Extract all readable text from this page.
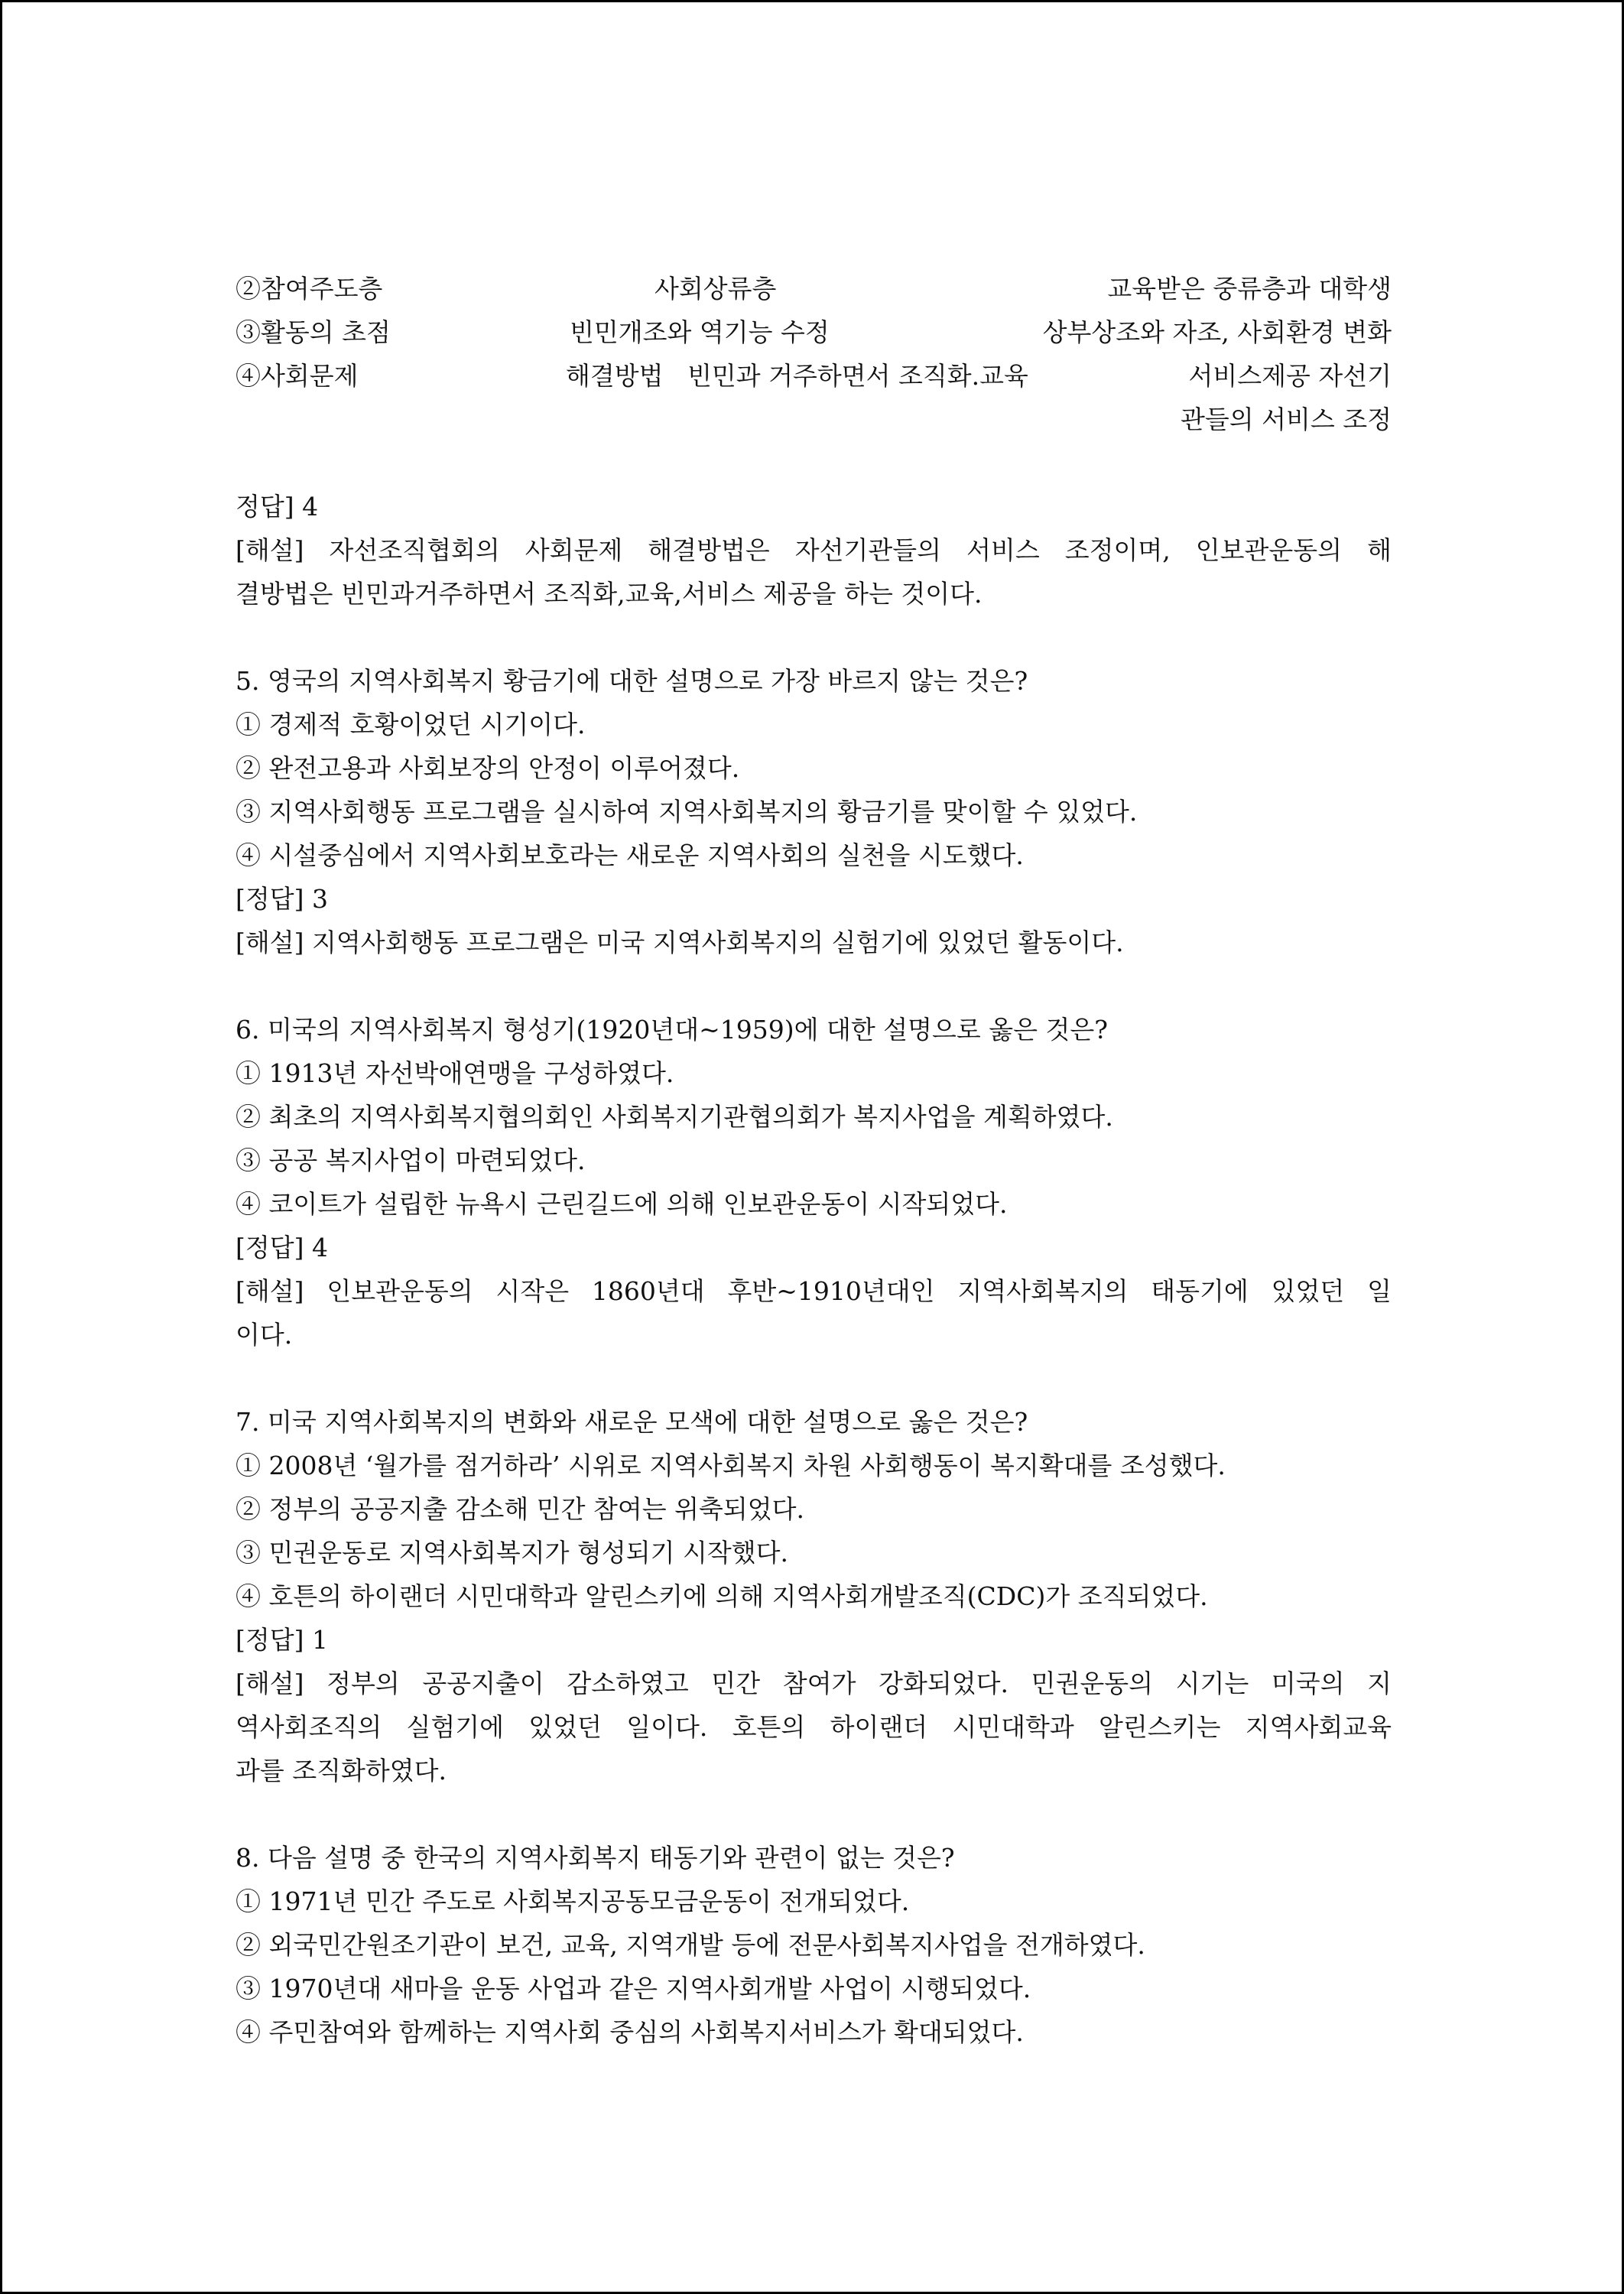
②참여주도층	사회상류층	교육받은 중류층과 대학생
③활동의 초점	빈민개조와 역기능 수정	상부상조와 자조, 사회환경 변화
④사회문제	해결방법   빈민과 거주하면서 조직화.교육	서비스제공 자선기
관들의 서비스 조정

정답] 4

[해설] 자선조직협회의 사회문제 해결방법은 자선기관들의 서비스 조정이며, 인보관운동의 해

결방법은 빈민과거주하면서 조직화,교육,서비스 제공을 하는 것이다.

5. 영국의 지역사회복지 황금기에 대한 설명으로 가장 바르지 않는 것은?

① 경제적 호황이었던 시기이다.

② 완전고용과 사회보장의 안정이 이루어졌다.

③ 지역사회행동 프로그램을 실시하여 지역사회복지의 황금기를 맞이할 수 있었다.

④ 시설중심에서 지역사회보호라는 새로운 지역사회의 실천을 시도했다.

[정답] 3

[해설] 지역사회행동 프로그램은 미국 지역사회복지의 실험기에 있었던 활동이다.

6. 미국의 지역사회복지 형성기(1920년대~1959)에 대한 설명으로 옳은 것은?

① 1913년 자선박애연맹을 구성하였다.

② 최초의 지역사회복지협의회인 사회복지기관협의회가 복지사업을 계획하였다.

③ 공공 복지사업이 마련되었다.

④ 코이트가 설립한 뉴욕시 근린길드에 의해 인보관운동이 시작되었다.

[정답] 4

[해설] 인보관운동의 시작은 1860년대 후반~1910년대인 지역사회복지의 태동기에 있었던 일

이다.

7. 미국 지역사회복지의 변화와 새로운 모색에 대한 설명으로 옳은 것은?

① 2008년 ‘월가를 점거하라’ 시위로 지역사회복지 차원 사회행동이 복지확대를 조성했다.

② 정부의 공공지출 감소해 민간 참여는 위축되었다.

③ 민권운동로 지역사회복지가 형성되기 시작했다.

④ 호튼의 하이랜더 시민대학과 알린스키에 의해 지역사회개발조직(CDC)가 조직되었다.

[정답] 1

[해설] 정부의 공공지출이 감소하였고 민간 참여가 강화되었다. 민권운동의 시기는 미국의 지

역사회조직의 실험기에 있었던 일이다. 호튼의 하이랜더 시민대학과 알린스키는 지역사회교육

과를 조직화하였다.

8. 다음 설명 중 한국의 지역사회복지 태동기와 관련이 없는 것은?

① 1971년 민간 주도로 사회복지공동모금운동이 전개되었다.

② 외국민간원조기관이 보건, 교육, 지역개발 등에 전문사회복지사업을 전개하였다.

③ 1970년대 새마을 운동 사업과 같은 지역사회개발 사업이 시행되었다.

④ 주민참여와 함께하는 지역사회 중심의 사회복지서비스가 확대되었다.
